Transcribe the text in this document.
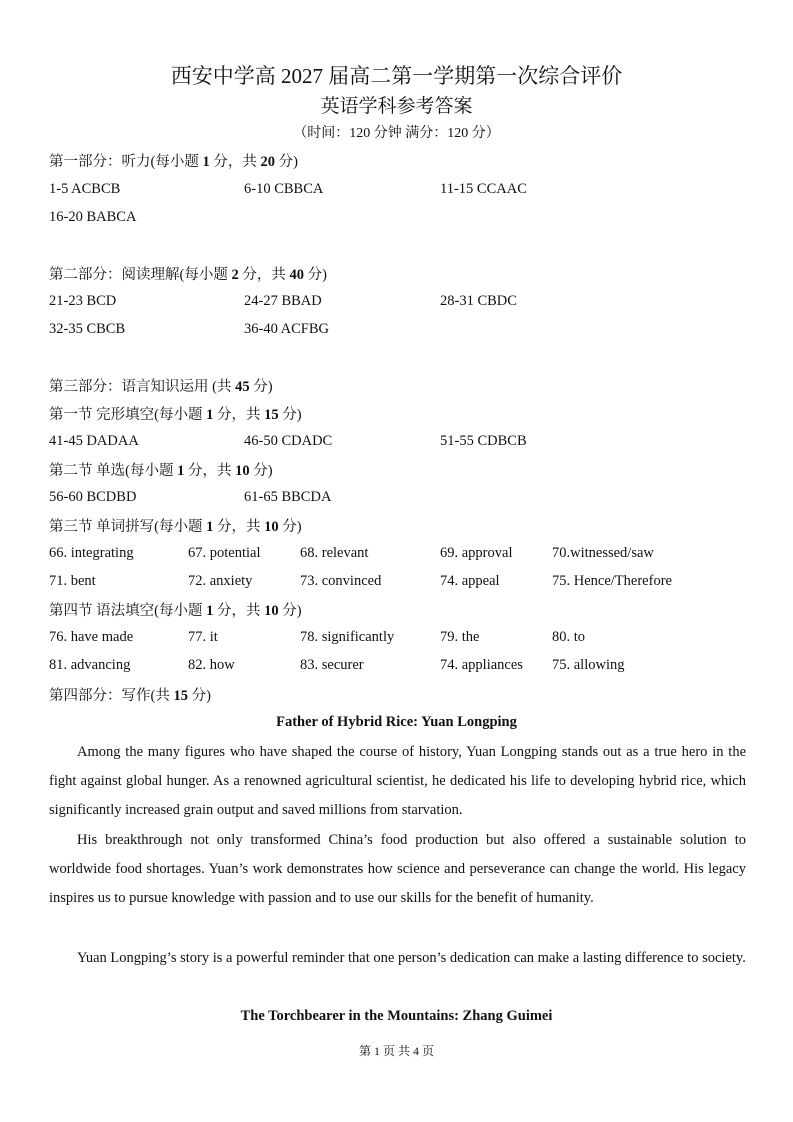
西安中学高 2027 届高二第一学期第一次综合评价
英语学科参考答案
（时间：120 分钟 满分：120 分）
第一部分：听力(每小题 1 分，共 20 分)
1-5 ACBCB	6-10 CBBCA	11-15 CCAAC
16-20 BABCA
第二部分：阅读理解(每小题 2 分，共 40 分)
21-23 BCD	24-27 BBAD	28-31 CBDC
32-35 CBCB	36-40 ACFBG
第三部分：语言知识运用 (共 45 分)
第一节 完形填空(每小题 1 分，共 15 分)
41-45 DADAA	46-50 CDADC	51-55 CDBCB
第二节 单选(每小题 1 分，共 10 分)
56-60 BCDBD	61-65 BBCDA
第三节 单词拼写(每小题 1 分，共 10 分)
66. integrating	67. potential	68. relevant	69. approval	70.witnessed/saw
71. bent	72. anxiety	73. convinced	74. appeal	75. Hence/Therefore
第四节 语法填空(每小题 1 分，共 10 分)
76. have made	77. it	78. significantly	79. the	80. to
81. advancing	82. how	83. securer	74. appliances 75. allowing
第四部分：写作(共 15 分)
Father of Hybrid Rice: Yuan Longping

Among the many figures who have shaped the course of history, Yuan Longping stands out as a true hero in the fight against global hunger. As a renowned agricultural scientist, he dedicated his life to developing hybrid rice, which significantly increased grain output and saved millions from starvation.

His breakthrough not only transformed China’s food production but also offered a sustainable solution to worldwide food shortages. Yuan’s work demonstrates how science and perseverance can change the world. His legacy inspires us to pursue knowledge with passion and to use our skills for the benefit of humanity.

Yuan Longping’s story is a powerful reminder that one person’s dedication can make a lasting difference to society.

The Torchbearer in the Mountains: Zhang Guimei
第 1 页 共 4 页
